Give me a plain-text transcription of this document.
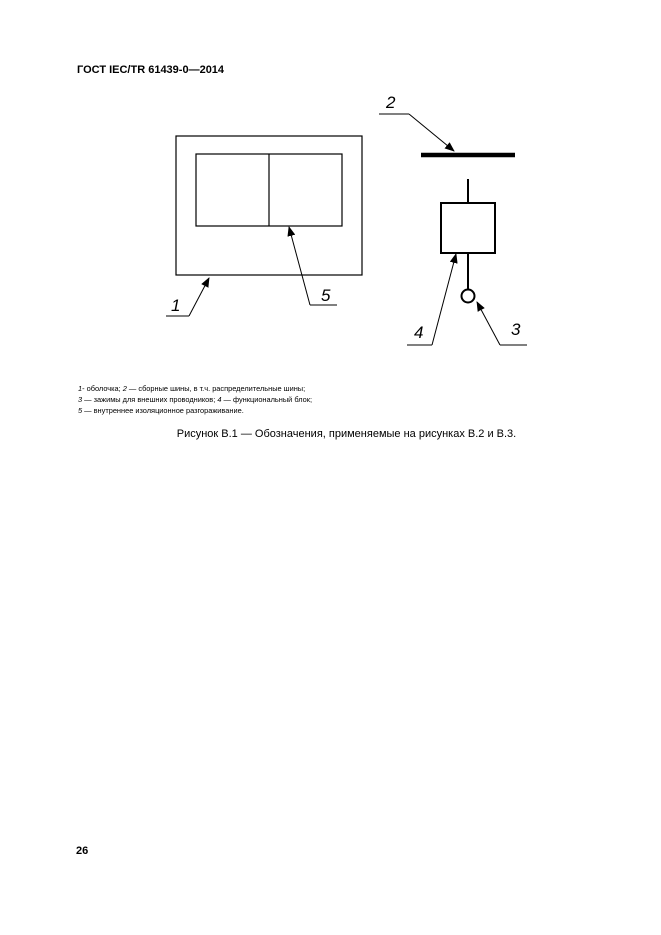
ГОСТ IEC/TR 61439-0—2014
1
5
2
4	3
1- оболочка; 2 — сборные шины, в т.ч. распределительные шины;
3 — зажимы для внешних проводников; 4 — функциональный блок;
5 — внутреннее изоляционное разгораживание.
Рисунок В.1 — Обозначения, применяемые на рисунках В.2 и В.3.
26
